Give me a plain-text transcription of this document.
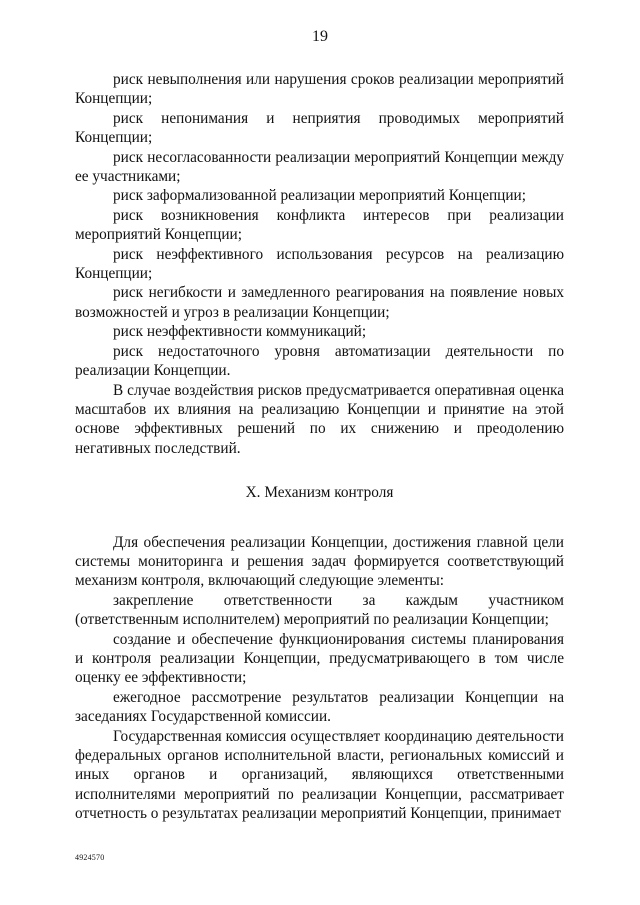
19

риск невыполнения или нарушения сроков реализации мероприятий Концепции;

риск непонимания и неприятия проводимых мероприятий Концепции;

риск несогласованности реализации мероприятий Концепции между ее участниками;

риск заформализованной реализации мероприятий Концепции;

риск возникновения конфликта интересов при реализации мероприятий Концепции;

риск неэффективного использования ресурсов на реализацию Концепции;

риск негибкости и замедленного реагирования на появление новых возможностей и угроз в реализации Концепции;

риск неэффективности коммуникаций;

риск недостаточного уровня автоматизации деятельности по реализации Концепции.

В случае воздействия рисков предусматривается оперативная оценка масштабов их влияния на реализацию Концепции и принятие на этой основе эффективных решений по их снижению и преодолению негативных последствий.

X. Механизм контроля

Для обеспечения реализации Концепции, достижения главной цели системы мониторинга и решения задач формируется соответствующий механизм контроля, включающий следующие элементы:

закрепление ответственности за каждым участником (ответственным исполнителем) мероприятий по реализации Концепции;

создание и обеспечение функционирования системы планирования и контроля реализации Концепции, предусматривающего в том числе оценку ее эффективности;

ежегодное рассмотрение результатов реализации Концепции на заседаниях Государственной комиссии.

Государственная комиссия осуществляет координацию деятельности федеральных органов исполнительной власти, региональных комиссий и иных органов и организаций, являющихся ответственными исполнителями мероприятий по реализации Концепции, рассматривает отчетность о результатах реализации мероприятий Концепции, принимает

4924570
